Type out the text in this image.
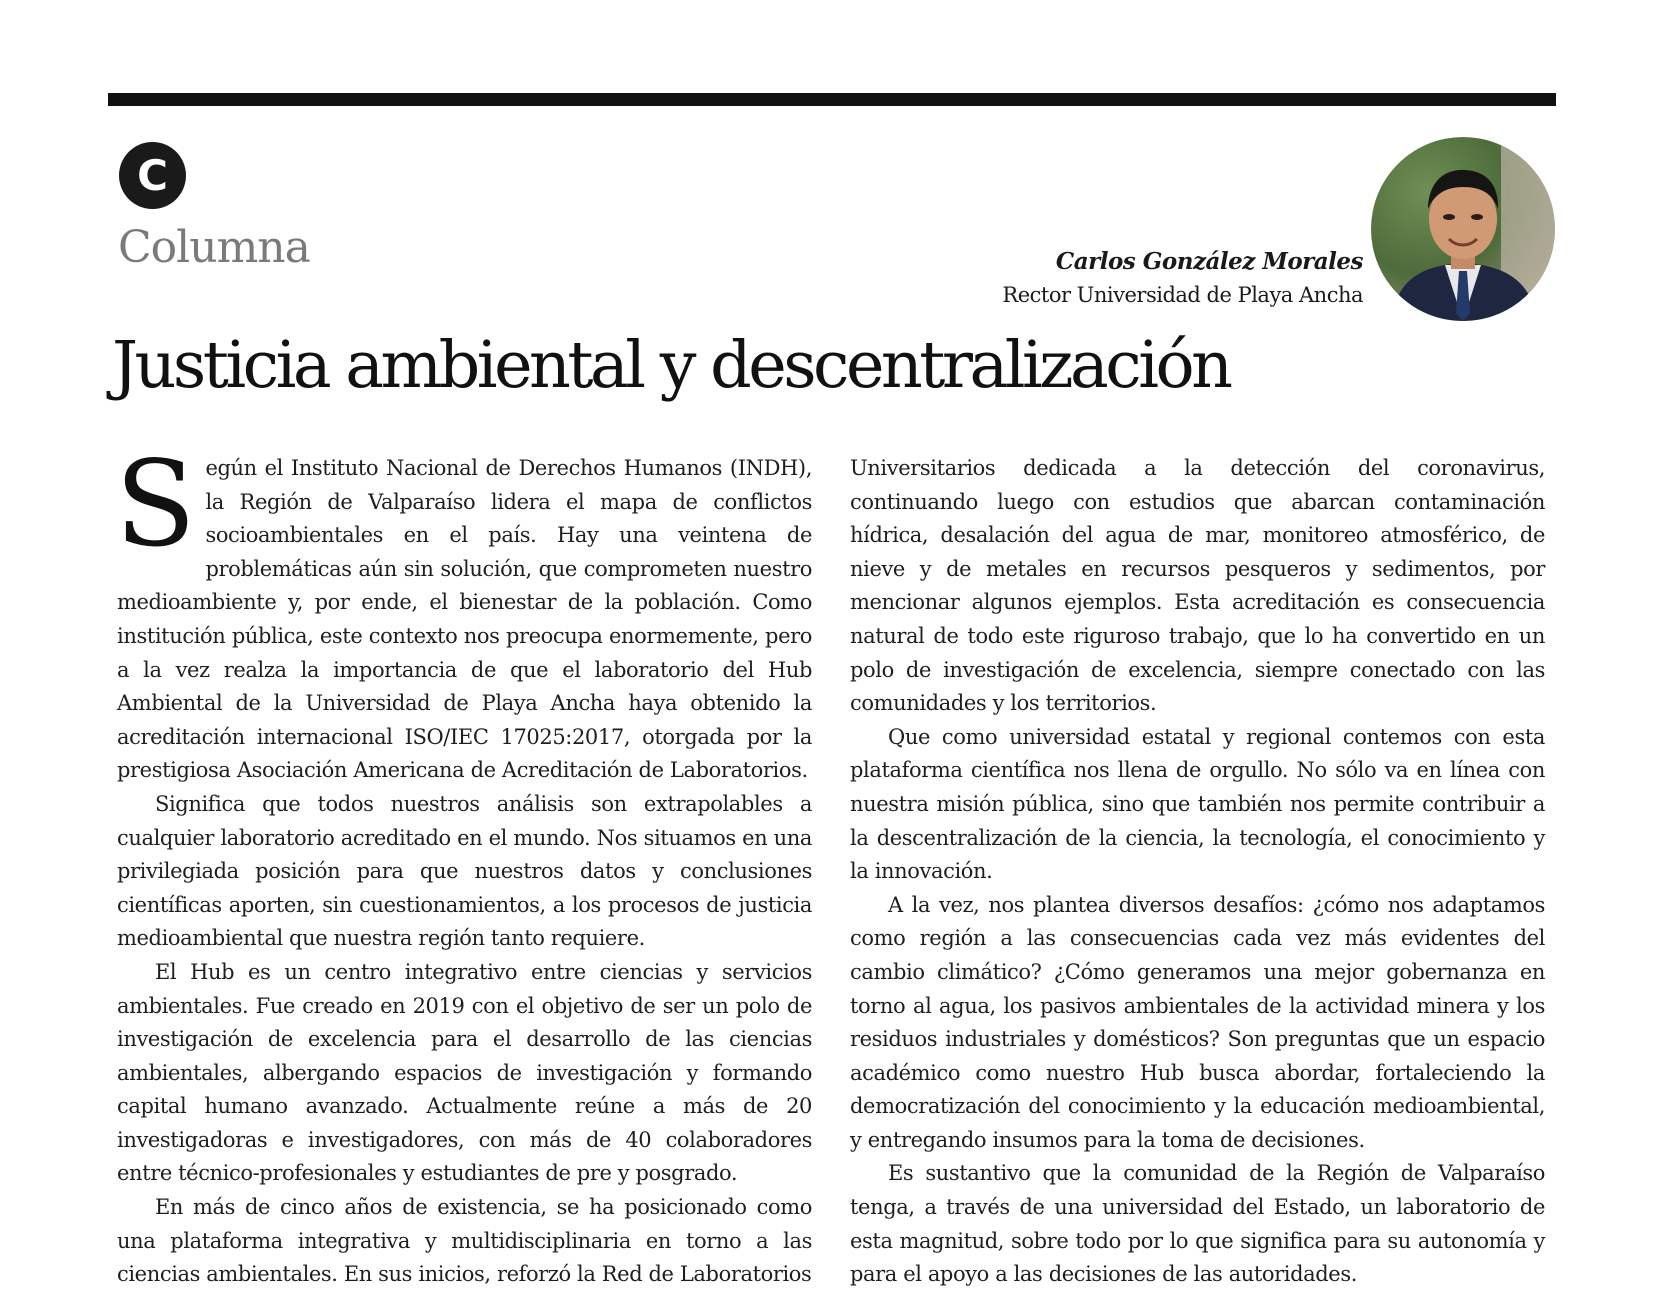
C
Columna	Carlos González Morales
Rector Universidad de Playa Ancha
Justicia ambiental y descentralización

Según el Instituto Nacional de Derechos Humanos (INDH), la Región de Valparaíso lidera el mapa de conflictos socioambientales en el país. Hay una veintena de problemáticas aún sin solución, que comprometen nuestro medioambiente y, por ende, el bienestar de la población. Como institución pública, este contexto nos preocupa enormemente, pero a la vez realza la importancia de que el laboratorio del Hub Ambiental de la Universidad de Playa Ancha haya obtenido la acreditación internacional ISO/IEC 17025:2017, otorgada por la prestigiosa Asociación Americana de Acreditación de Laboratorios.

Significa que todos nuestros análisis son extrapolables a cualquier laboratorio acreditado en el mundo. Nos situamos en una privilegiada posición para que nuestros datos y conclusiones científicas aporten, sin cuestionamientos, a los procesos de justicia medioambiental que nuestra región tanto requiere.

El Hub es un centro integrativo entre ciencias y servicios ambientales. Fue creado en 2019 con el objetivo de ser un polo de investigación de excelencia para el desarrollo de las ciencias ambientales, albergando espacios de investigación y formando capital humano avanzado. Actualmente reúne a más de 20 investigadoras e investigadores, con más de 40 colaboradores entre técnico-profesionales y estudiantes de pre y posgrado.

En más de cinco años de existencia, se ha posicionado como una plataforma integrativa y multidisciplinaria en torno a las ciencias ambientales. En sus inicios, reforzó la Red de Laboratorios

Universitarios dedicada a la detección del coronavirus, continuando luego con estudios que abarcan contaminación hídrica, desalación del agua de mar, monitoreo atmosférico, de nieve y de metales en recursos pesqueros y sedimentos, por mencionar algunos ejemplos. Esta acreditación es consecuencia natural de todo este riguroso trabajo, que lo ha convertido en un polo de investigación de excelencia, siempre conectado con las comunidades y los territorios.

Que como universidad estatal y regional contemos con esta plataforma científica nos llena de orgullo. No sólo va en línea con nuestra misión pública, sino que también nos permite contribuir a la descentralización de la ciencia, la tecnología, el conocimiento y la innovación.

A la vez, nos plantea diversos desafíos: ¿cómo nos adaptamos como región a las consecuencias cada vez más evidentes del cambio climático? ¿Cómo generamos una mejor gobernanza en torno al agua, los pasivos ambientales de la actividad minera y los residuos industriales y domésticos? Son preguntas que un espacio académico como nuestro Hub busca abordar, fortaleciendo la democratización del conocimiento y la educación medioambiental, y entregando insumos para la toma de decisiones.

Es sustantivo que la comunidad de la Región de Valparaíso tenga, a través de una universidad del Estado, un laboratorio de esta magnitud, sobre todo por lo que significa para su autonomía y para el apoyo a las decisiones de las autoridades.
